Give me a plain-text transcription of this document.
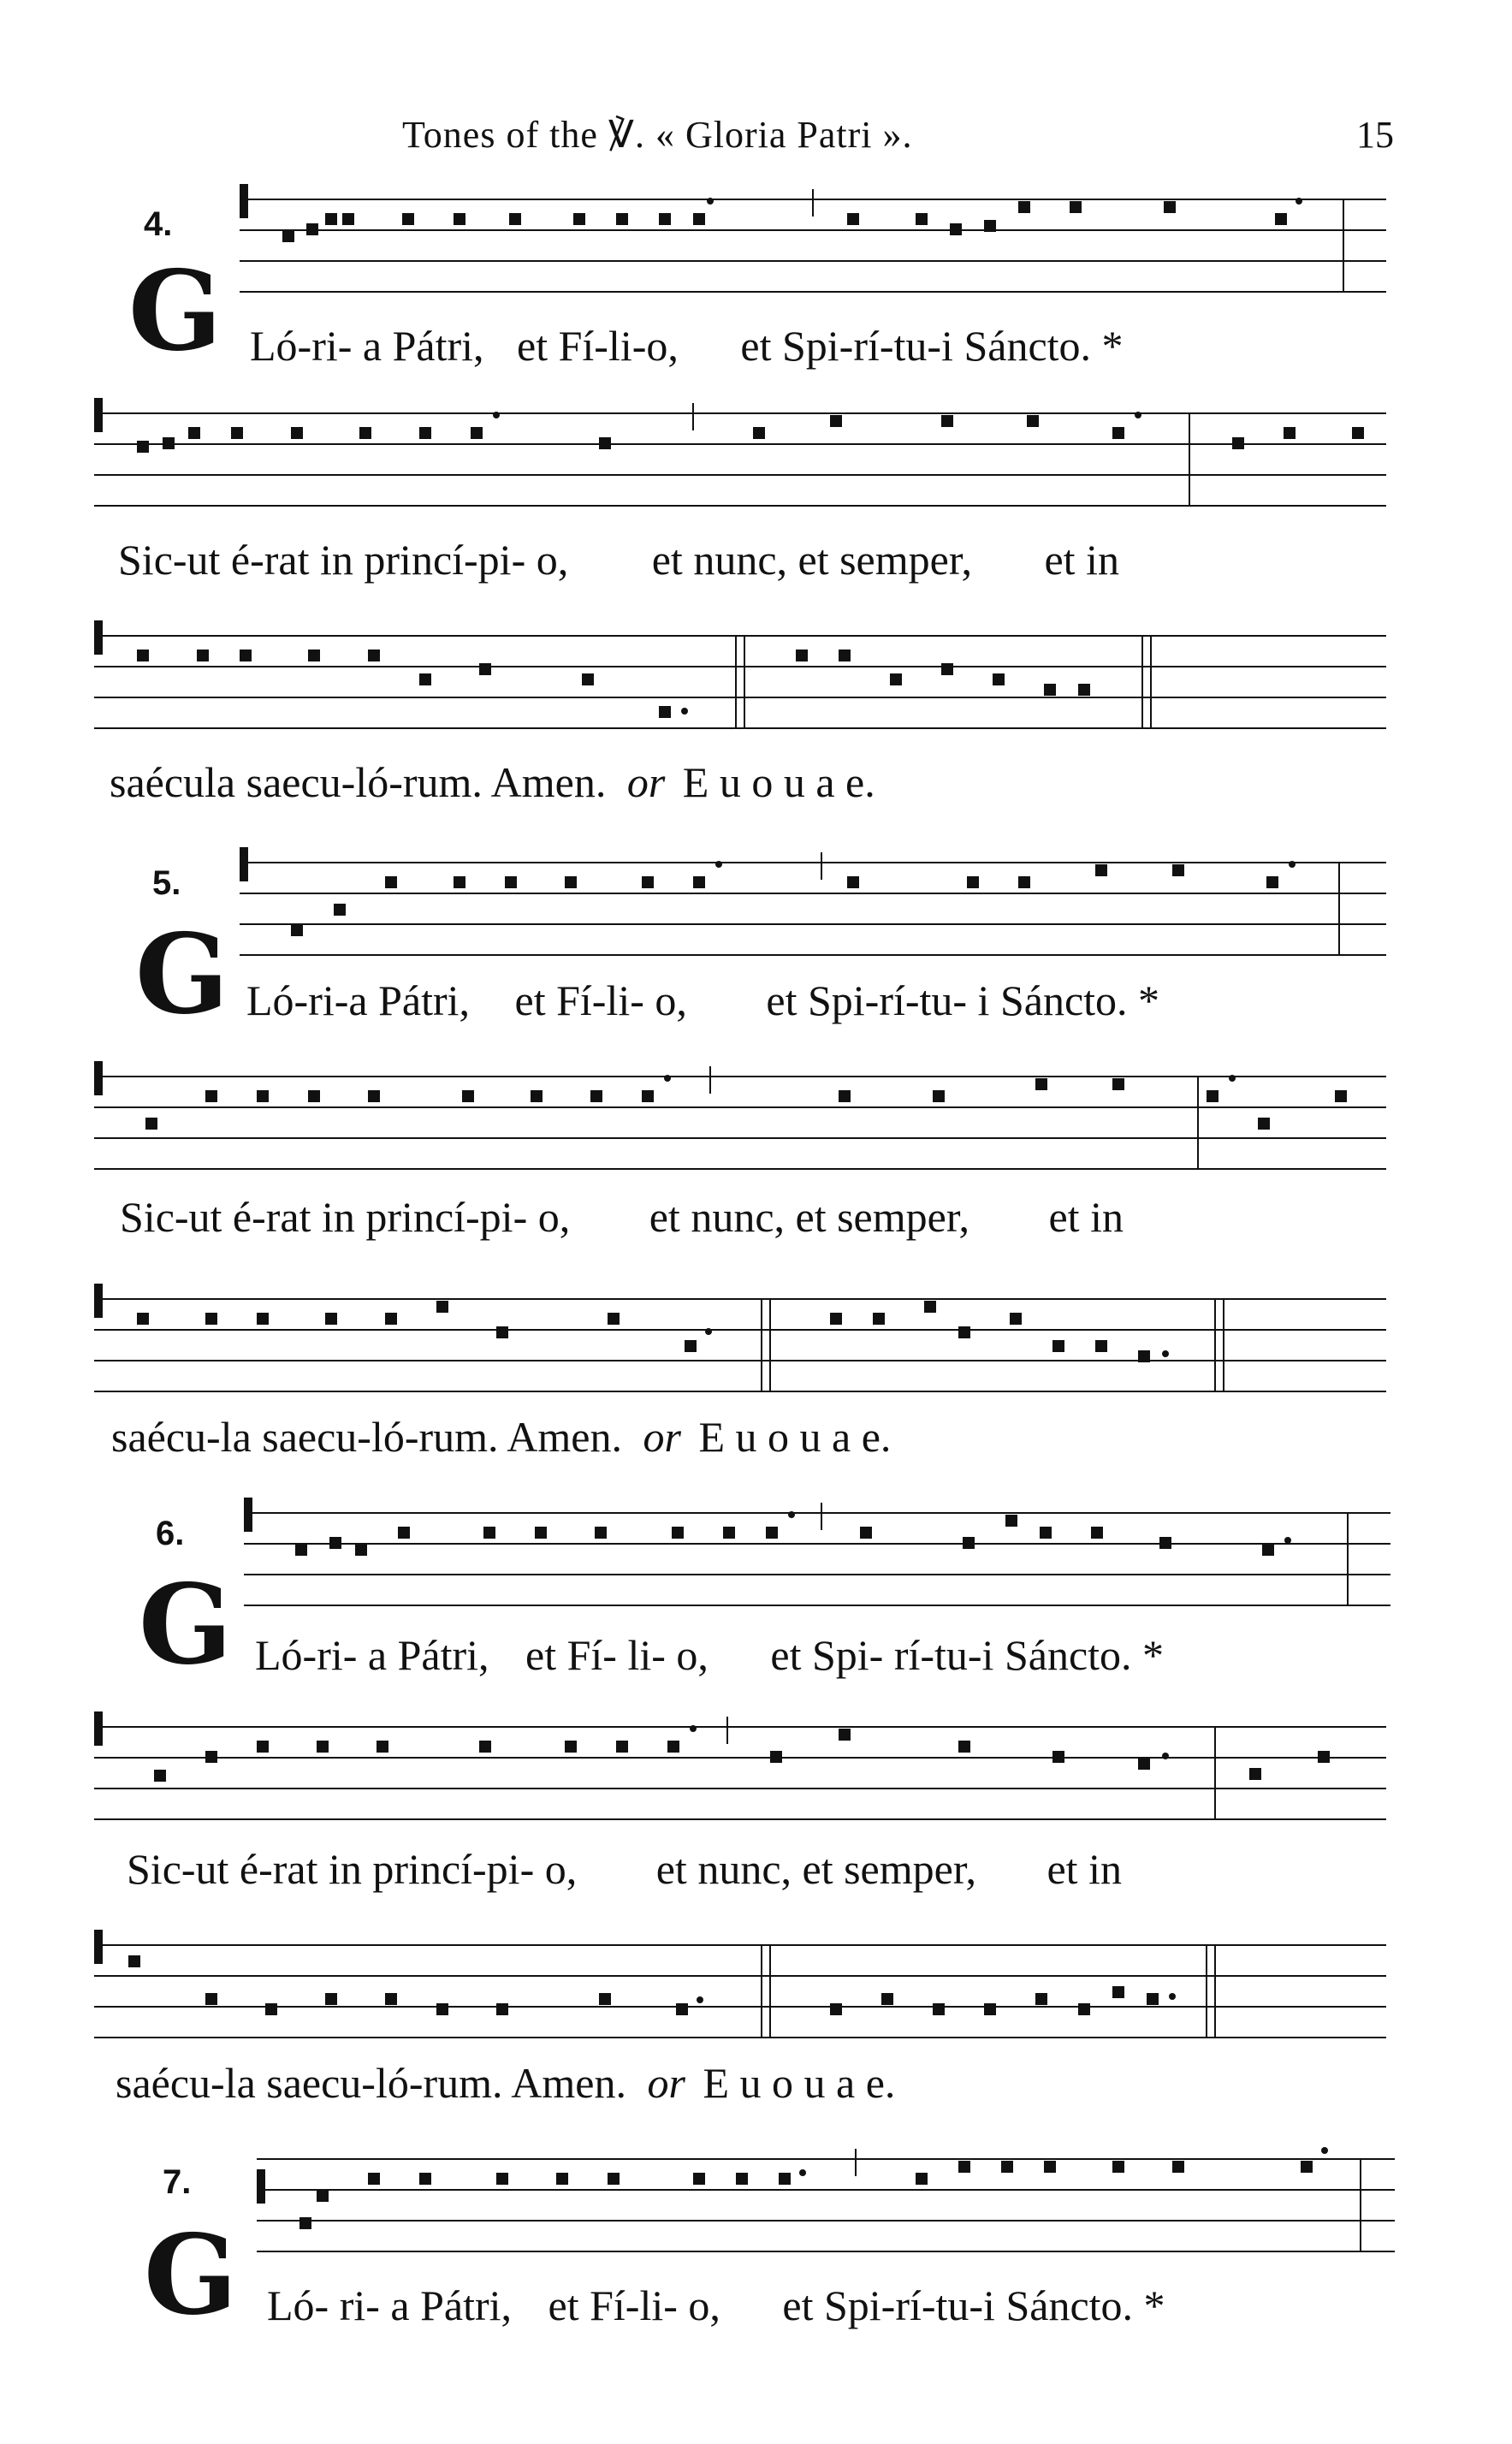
Tones of the ℣. « Gloria Patri ».	15
4.
G Ló-ri- a Pátri, et Fí-li-o, et Spi-rí-tu-i Sáncto. *
Sic-ut é-rat in princí-pi- o, et nunc, et semper, et in
saécula saecu-ló-rum. Amen. or E u o u a e.
5.
G Ló-ri-a Pátri, et Fí-li- o, et Spi-rí-tu- i Sáncto. *
Sic-ut é-rat in princí-pi- o, et nunc, et semper, et in
saécu-la saecu-ló-rum. Amen. or E u o u a e.
6.
G Ló-ri- a Pátri, et Fí- li- o, et Spi- rí-tu-i Sáncto. *
Sic-ut é-rat in princí-pi- o, et nunc, et semper, et in
saécu-la saecu-ló-rum. Amen. or E u o u a e.
7.
G Ló- ri- a Pátri, et Fí-li- o, et Spi-rí-tu-i Sáncto. *
